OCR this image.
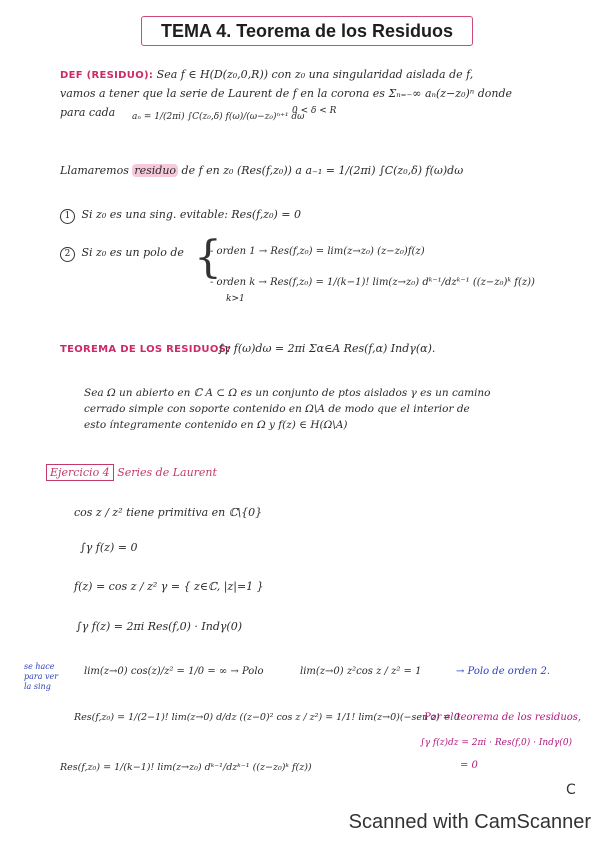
TEMA 4. Teorema de los Residuos
DEF (RESIDUO): Sea f ∈ H(D(z₀,0,R)) con z₀ una singularidad aislada de f,
vamos a tener que la serie de Laurent de f en la corona es Σₙ₌₋∞ aₙ(z−z₀)ⁿ donde
para cada aₙ = 1/(2πi) ∫C(z₀,δ) f(ω)/(ω−z₀)ⁿ⁺¹ dω
0 < δ < R
Llamaremos residuo de f en z₀ (Res(f,z₀)) a a₋₁ = 1/(2πi) ∫C(z₀,δ) f(ω)dω
1 Si z₀ es una sing. evitable: Res(f,z₀) = 0
2 Si z₀ es un polo de {
- orden 1 → Res(f,z₀) = lim(z→z₀) (z−z₀)f(z)
- orden k → Res(f,z₀) = 1/(k−1)! lim(z→z₀) dᵏ⁻¹/dzᵏ⁻¹ ((z−z₀)ᵏ f(z))
k>1
TEOREMA DE LOS RESIDUOS:
∫γ f(ω)dω = 2πi Σα∈A Res(f,α) Indγ(α).
Sea Ω un abierto en ℂ A ⊂ Ω es un conjunto de ptos aislados γ es un camino
cerrado simple con soporte contenido en Ω\A de modo que el interior de
esto íntegramente contenido en Ω y f(z) ∈ H(Ω\A)
Ejercicio 4 Series de Laurent
cos z / z² tiene primitiva en ℂ\{0}
∫γ f(z) = 0
f(z) = cos z / z² γ = { z∈ℂ, |z|=1 }
∫γ f(z) = 2πi Res(f,0) · Indγ(0)
se hace
para ver
la sing
lim(z→0) cos(z)/z² = 1/0 = ∞ → Polo	lim(z→0) z²cos z / z² = 1	→ Polo de orden 2.
Res(f,z₀) = 1/(2−1)! lim(z→0) d/dz ((z−0)² cos z / z²) = 1/1! lim(z→0)(−sen z) = 0
Res(f,z₀) = 1/(k−1)! lim(z→z₀) dᵏ⁻¹/dzᵏ⁻¹ ((z−z₀)ᵏ f(z))
Por el teorema de los residuos,
∫γ f(z)dz = 2πi · Res(f,0) · Indγ(0)
= 0
C
Scanned with CamScanner
